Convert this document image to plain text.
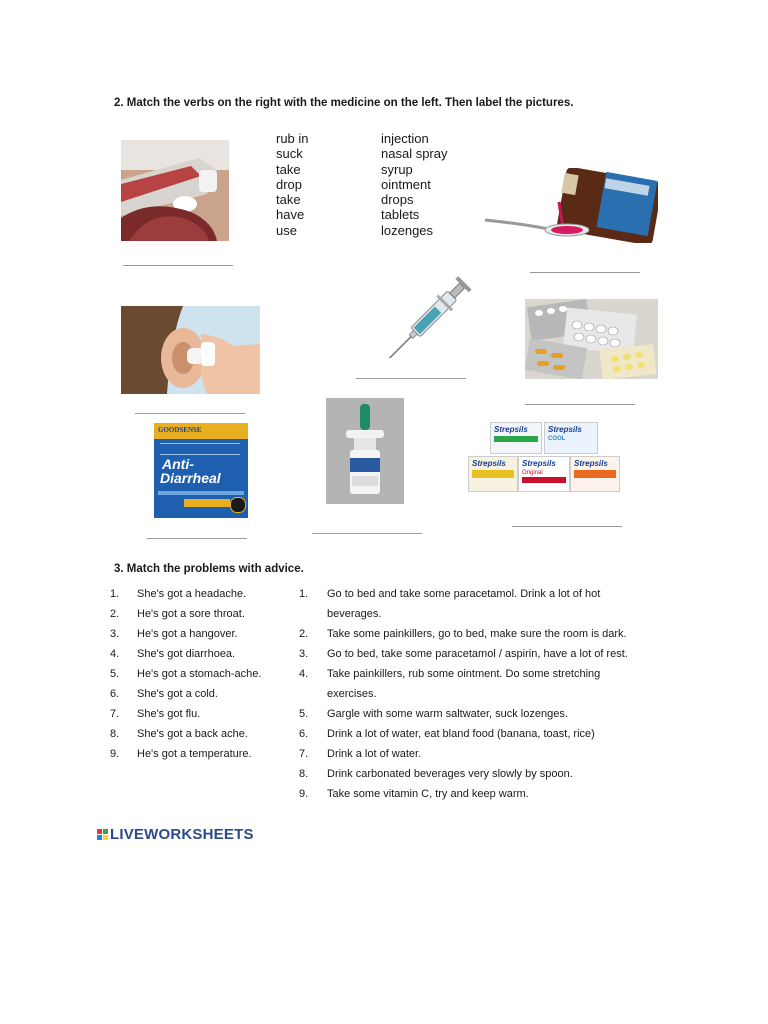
2. Match the verbs on the right with the medicine on the left. Then label the pictures.
rub in
suck
take
drop
take
have
use
injection
nasal spray
syrup
ointment
drops
tablets
lozenges
GOODSENSE
Anti-
Diarrheal
Strepsils	Strepsils
COOL
Strepsils	Strepsils
Original
Strepsils
3. Match the problems with advice.
1. She's got a headache.
2. He's got a sore throat.
3. He's got a hangover.
4. She's got diarrhoea.
5. He's got a stomach-ache.
6. She's got a cold.
7. She's got flu.
8. She's got a back ache.
9. He's got a temperature.
1. Go to bed and take some paracetamol. Drink a lot of hot
beverages.
2. Take some painkillers, go to bed, make sure the room is dark.
3. Go to bed, take some paracetamol / aspirin, have a lot of rest.
4. Take painkillers, rub some ointment. Do some stretching
exercises.
5. Gargle with some warm saltwater, suck lozenges.
6. Drink a lot of water, eat bland food (banana, toast, rice)
7. Drink a lot of water.
8. Drink carbonated beverages very slowly by spoon.
9. Take some vitamin C, try and keep warm.
LIVEWORKSHEETS
